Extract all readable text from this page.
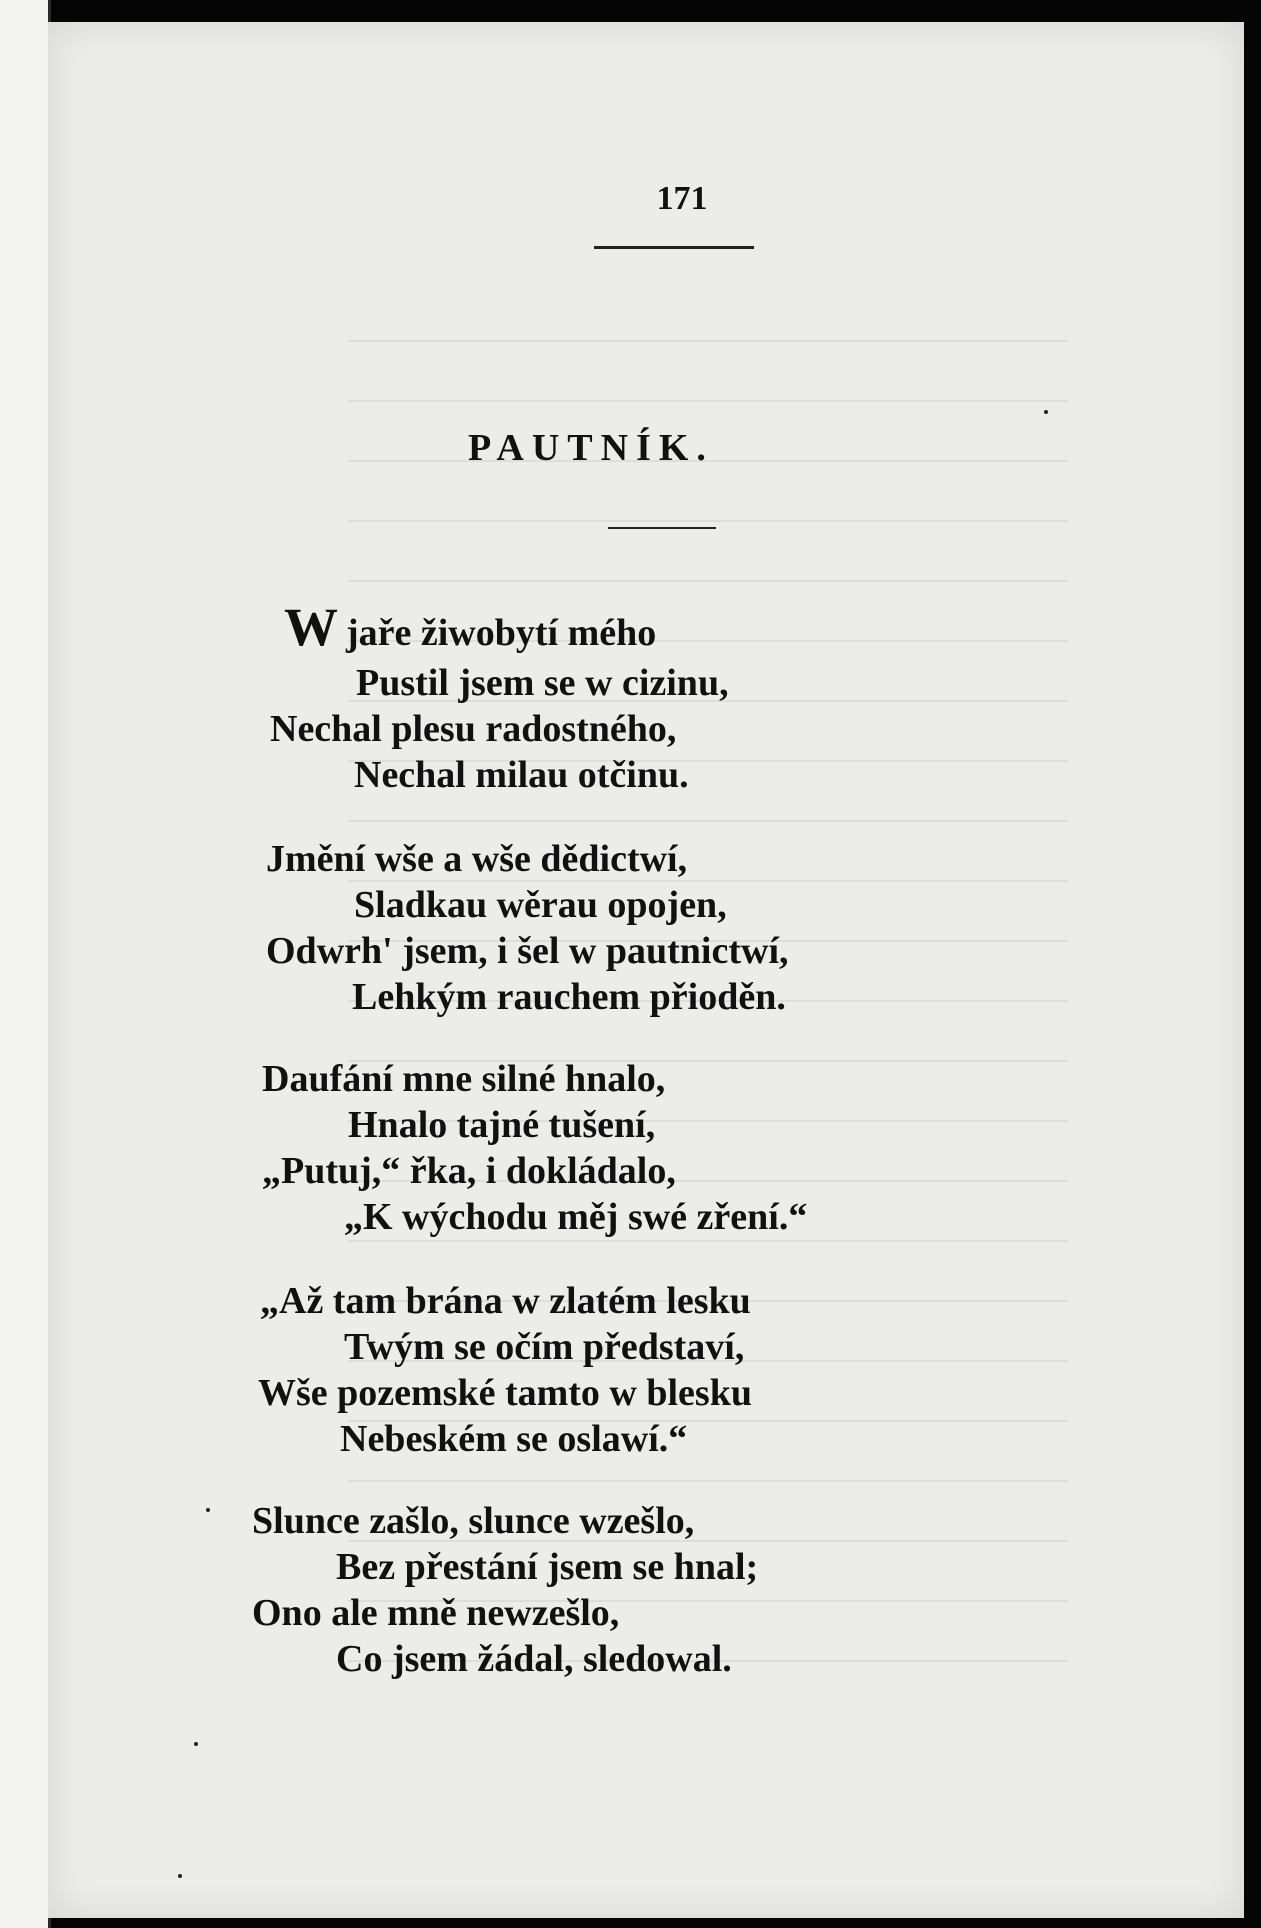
171
PAUTNÍK.
W jaře žiwobytí mého
Pustil jsem se w cizinu,
Nechal plesu radostného,
Nechal milau otčinu.
Jmění wše a wše dědictwí,
Sladkau wěrau opojen,
Odwrh' jsem, i šel w pautnictwí,
Lehkým rauchem přioděn.
Daufání mne silné hnalo,
Hnalo tajné tušení,
„Putuj,“ řka, i dokládalo,
„K wýchodu měj swé zření.“
„Až tam brána w zlatém lesku
Twým se očím představí,
Wše pozemské tamto w blesku
Nebeském se oslawí.“
Slunce zašlo, slunce wzešlo,
Bez přestání jsem se hnal;
Ono ale mně newzešlo,
Co jsem žádal, sledowal.
